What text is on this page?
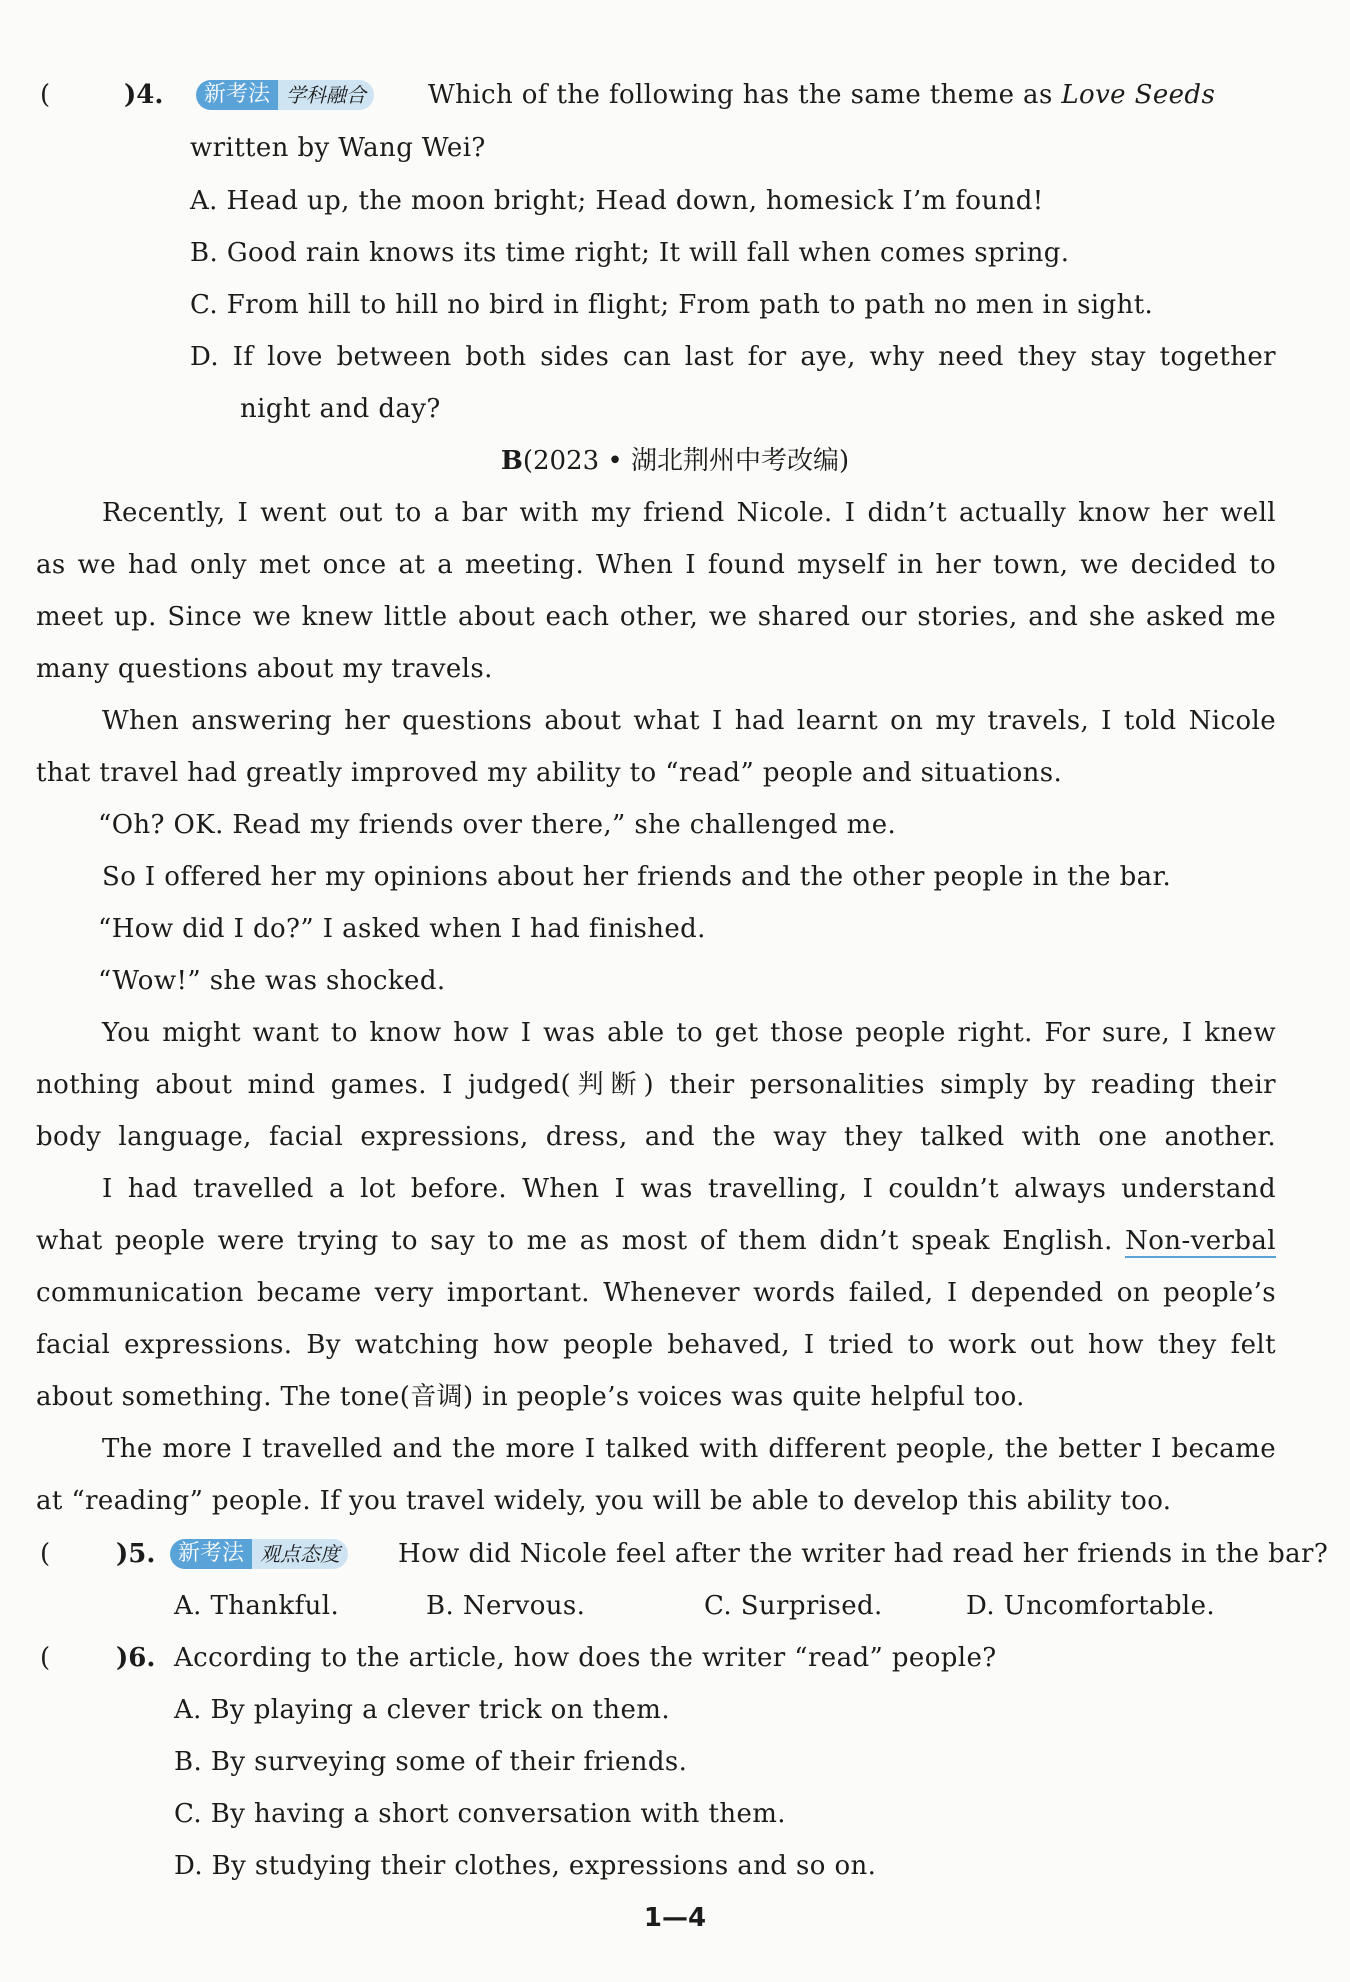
(	)4.	新考法 学科融合	Which of the following has the same theme as Love Seeds
written by Wang Wei?
A. Head up, the moon bright; Head down, homesick I’m found!
B. Good rain knows its time right; It will fall when comes spring.
C. From hill to hill no bird in flight; From path to path no men in sight.
D. If love between both sides can last for aye, why need they stay together
night and day?
B(2023 • 湖北荆州中考改编)
Recently, I went out to a bar with my friend Nicole. I didn’t actually know her well
as we had only met once at a meeting. When I found myself in her town, we decided to
meet up. Since we knew little about each other, we shared our stories, and she asked me
many questions about my travels.
When answering her questions about what I had learnt on my travels, I told Nicole
that travel had greatly improved my ability to “read” people and situations.
“Oh? OK. Read my friends over there,” she challenged me.
So I offered her my opinions about her friends and the other people in the bar.
“How did I do?” I asked when I had finished.
“Wow!” she was shocked.
You might want to know how I was able to get those people right. For sure, I knew
nothing about mind games. I judged(判断) their personalities simply by reading their
body language, facial expressions, dress, and the way they talked with one another.
I had travelled a lot before. When I was travelling, I couldn’t always understand
what people were trying to say to me as most of them didn’t speak English. Non-verbal
communication became very important. Whenever words failed, I depended on people’s
facial expressions. By watching how people behaved, I tried to work out how they felt
about something. The tone(音调) in people’s voices was quite helpful too.
The more I travelled and the more I talked with different people, the better I became
at “reading” people. If you travel widely, you will be able to develop this ability too.
(	)5.	新考法 观点态度	How did Nicole feel after the writer had read her friends in the bar?
A. Thankful.	B. Nervous.	C. Surprised.	D. Uncomfortable.
(	)6. According to the article, how does the writer “read” people?
A. By playing a clever trick on them.
B. By surveying some of their friends.
C. By having a short conversation with them.
D. By studying their clothes, expressions and so on.
1—4
